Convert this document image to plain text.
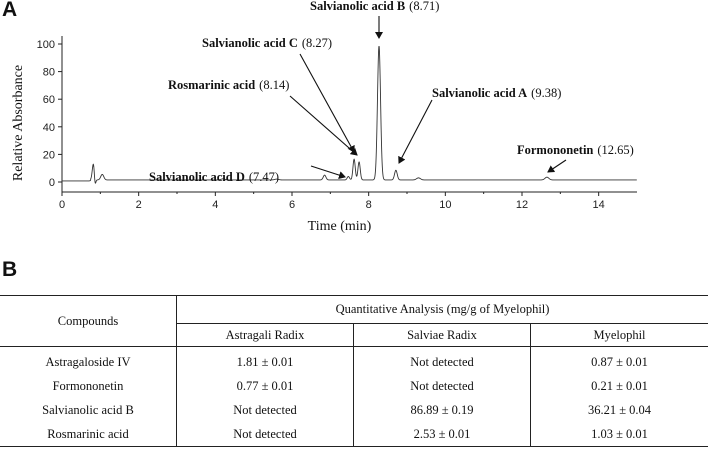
A
0
20
40
60
80
100
0	2	4	6	8	10	12	14
Salvianolic acid B (8.71)
Salvianolic acid C (8.27)
Rosmarinic acid (8.14)
Salvianolic acid A (9.38)
Salvianolic acid D (7.47)
Formononetin (12.65)
Relative Absorbance
Time (min)
B
Compounds	Quantitative Analysis (mg/g of Myelophil)		
	Astragali Radix	Salviae Radix	Myelophil

Astragaloside IV	1.81 ± 0.01	Not detected	0.87 ± 0.01
Formononetin	0.77 ± 0.01	Not detected	0.21 ± 0.01
Salvianolic acid B	Not detected	86.89 ± 0.19	36.21 ± 0.04
Rosmarinic acid	Not detected	2.53 ± 0.01	1.03 ± 0.01
